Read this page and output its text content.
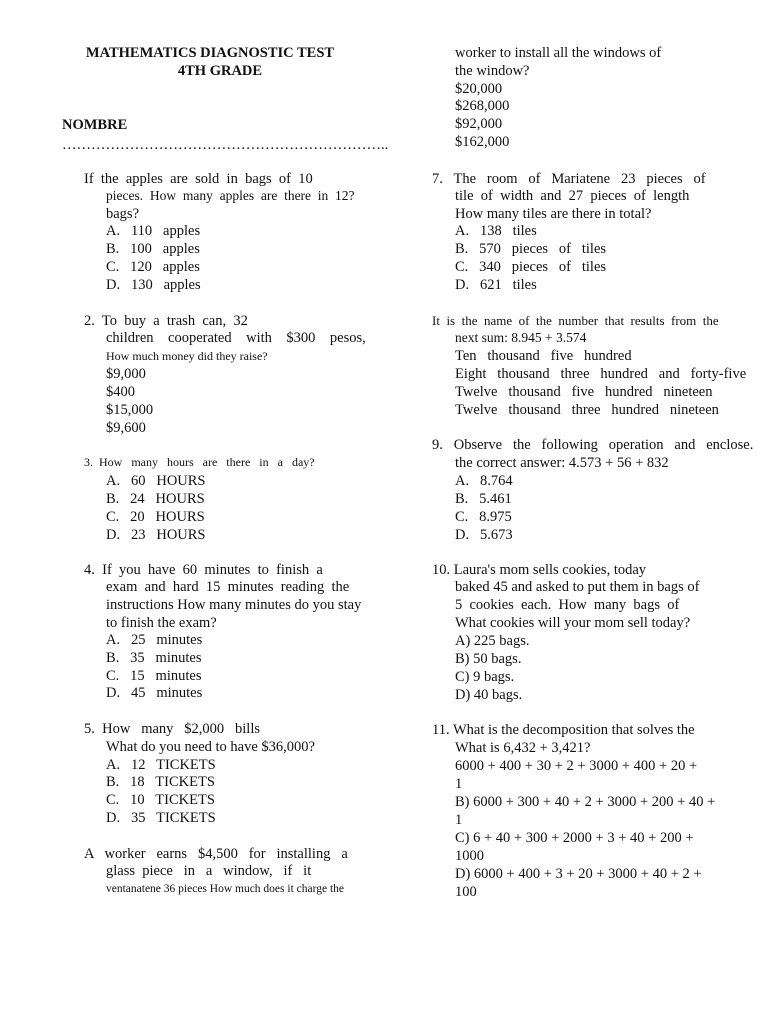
MATHEMATICS DIAGNOSTIC TEST
4TH GRADE
NOMBRE
…………………………………………………………..
If  the  apples  are  sold  in  bags  of  10
pieces.  How  many  apples  are  there  in  12?
bags?
A.   110   apples
B.   100   apples
C.   120   apples
D.   130   apples
2.  To  buy  a  trash  can,  32
children    cooperated    with    $300    pesos,
How much money did they raise?
$9,000
$400
$15,000
$9,600
3.  How   many   hours   are   there   in   a   day?
A.   60   HOURS
B.   24   HOURS
C.   20   HOURS
D.   23   HOURS
4.  If  you  have  60  minutes  to  finish  a
exam  and  hard  15  minutes  reading  the
instructions How many minutes do you stay
to finish the exam?
A.   25   minutes
B.   35   minutes
C.   15   minutes
D.   45   minutes
5.  How   many   $2,000   bills
What do you need to have $36,000?
A.   12   TICKETS
B.   18   TICKETS
C.   10   TICKETS
D.   35   TICKETS
A   worker   earns   $4,500   for   installing   a
glass  piece   in   a   window,   if   it
ventanatene 36 pieces How much does it charge the
worker to install all the windows of
the window?
$20,000
$268,000
$92,000
$162,000
7.   The   room   of   Mariatene   23   pieces   of
tile  of  width  and  27  pieces  of  length
How many tiles are there in total?
A.   138   tiles
B.   570   pieces   of   tiles
C.   340   pieces   of   tiles
D.   621   tiles
It  is  the  name  of  the  number  that  results  from  the
next sum: 8.945 + 3.574
Ten   thousand   five   hundred
Eight   thousand   three   hundred   and   forty-five
Twelve   thousand   five   hundred   nineteen
Twelve   thousand   three   hundred   nineteen
9.   Observe   the   following   operation   and   enclose.
the correct answer: 4.573 + 56 + 832
A.   8.764
B.   5.461
C.   8.975
D.   5.673
10. Laura's mom sells cookies, today
baked 45 and asked to put them in bags of
5  cookies  each.  How  many  bags  of
What cookies will your mom sell today?
A) 225 bags.
B) 50 bags.
C) 9 bags.
D) 40 bags.
11. What is the decomposition that solves the
What is 6,432 + 3,421?
6000 + 400 + 30 + 2 + 3000 + 400 + 20 +
1
B) 6000 + 300 + 40 + 2 + 3000 + 200 + 40 +
1
C) 6 + 40 + 300 + 2000 + 3 + 40 + 200 +
1000
D) 6000 + 400 + 3 + 20 + 3000 + 40 + 2 +
100
